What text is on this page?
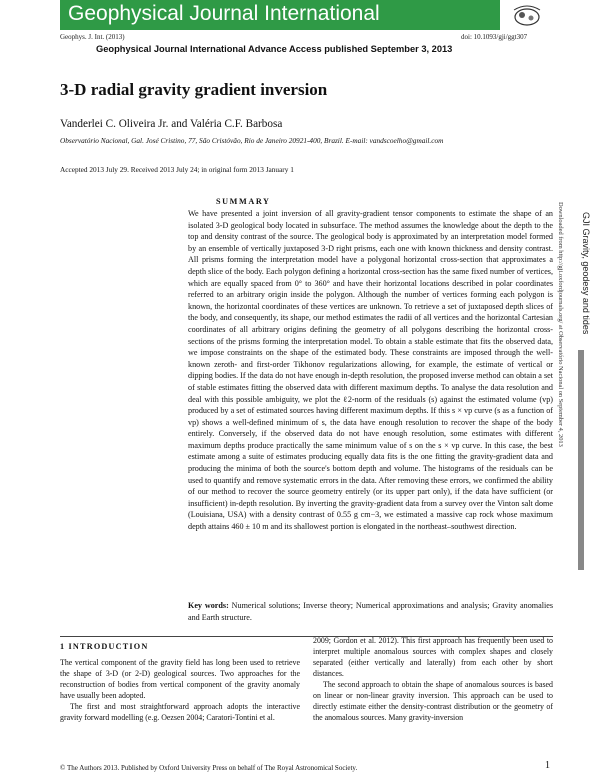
Geophysical Journal International
Geophys. J. Int. (2013)	doi: 10.1093/gji/ggt307
Geophysical Journal International Advance Access published September 3, 2013
3-D radial gravity gradient inversion
Vanderlei C. Oliveira Jr. and Valéria C.F. Barbosa
Observatório Nacional, Gal. José Cristino, 77, São Cristóvão, Rio de Janeiro 20921-400, Brazil. E-mail: vandscoelho@gmail.com
Accepted 2013 July 29. Received 2013 July 24; in original form 2013 January 1
SUMMARY
We have presented a joint inversion of all gravity-gradient tensor components to estimate the shape of an isolated 3-D geological body located in subsurface. The method assumes the knowledge about the depth to the top and density contrast of the source. The geological body is approximated by an interpretation model formed by an ensemble of vertically juxtaposed 3-D right prisms, each one with known thickness and density contrast. All prisms forming the interpretation model have a polygonal horizontal cross-section that approximates a depth slice of the body. Each polygon defining a horizontal cross-section has the same fixed number of vertices, which are equally spaced from 0° to 360° and have their horizontal locations described in polar coordinates referred to an arbitrary origin inside the polygon. Although the number of vertices forming each polygon is known, the horizontal coordinates of these vertices are unknown. To retrieve a set of juxtaposed depth slices of the body, and consequently, its shape, our method estimates the radii of all vertices and the horizontal Cartesian coordinates of all arbitrary origins defining the geometry of all polygons describing the horizontal cross-sections of the prisms forming the interpretation model. To obtain a stable estimate that fits the observed data, we impose constraints on the shape of the estimated body. These constraints are imposed through the well-known zeroth- and first-order Tikhonov regularizations allowing, for example, the estimate of vertical or dipping bodies. If the data do not have enough in-depth resolution, the proposed inverse method can obtain a set of stable estimates fitting the observed data with different maximum depths. To analyse the data resolution and deal with this possible ambiguity, we plot the ℓ2-norm of the residuals (s) against the estimated volume (vp) produced by a set of estimated sources having different maximum depths. If this s × vp curve (s as a function of vp) shows a well-defined minimum of s, the data have enough resolution to recover the shape of the body entirely. Conversely, if the observed data do not have enough resolution, some estimates with different maximum depths produce practically the same minimum value of s on the s × vp curve. In this case, the best estimate among a suite of estimates producing equally data fits is the one fitting the gravity-gradient data and producing the minima of both the source's bottom depth and volume. The histograms of the residuals can be used to quantify and remove systematic errors in the data. After removing these errors, we confirmed the ability of our method to recover the source geometry entirely (or its upper part only), if the data have sufficient (or insufficient) in-depth resolution. By inverting the gravity-gradient data from a survey over the Vinton salt dome (Louisiana, USA) with a density contrast of 0.55 g cm−3, we estimated a massive cap rock whose maximum depth attains 460 ± 10 m and its shallowest portion is elongated in the northeast–southwest direction.
Key words: Numerical solutions; Inverse theory; Numerical approximations and analysis; Gravity anomalies and Earth structure.
GJI Gravity, geodesy and tides
Downloaded from http://gji.oxfordjournals.org/ at Observatório Nacional on September 4, 2013
1 INTRODUCTION

The vertical component of the gravity field has long been used to retrieve the shape of 3-D (or 2-D) geological sources. Two approaches for the reconstruction of bodies from vertical component of the gravity anomaly have usually been adopted.

The first and most straightforward approach adopts the interactive gravity forward modelling (e.g. Oezsen 2004; Caratori-Tontini et al.

2009; Gordon et al. 2012). This first approach has frequently been used to interpret multiple anomalous sources with complex shapes and closely separated (either vertically and laterally) from each other by short distances.

The second approach to obtain the shape of anomalous sources is based on linear or non-linear gravity inversion. This approach can be used to directly estimate either the density-contrast distribution or the geometry of the anomalous sources. Many gravity-inversion

© The Authors 2013. Published by Oxford University Press on behalf of The Royal Astronomical Society.	1
